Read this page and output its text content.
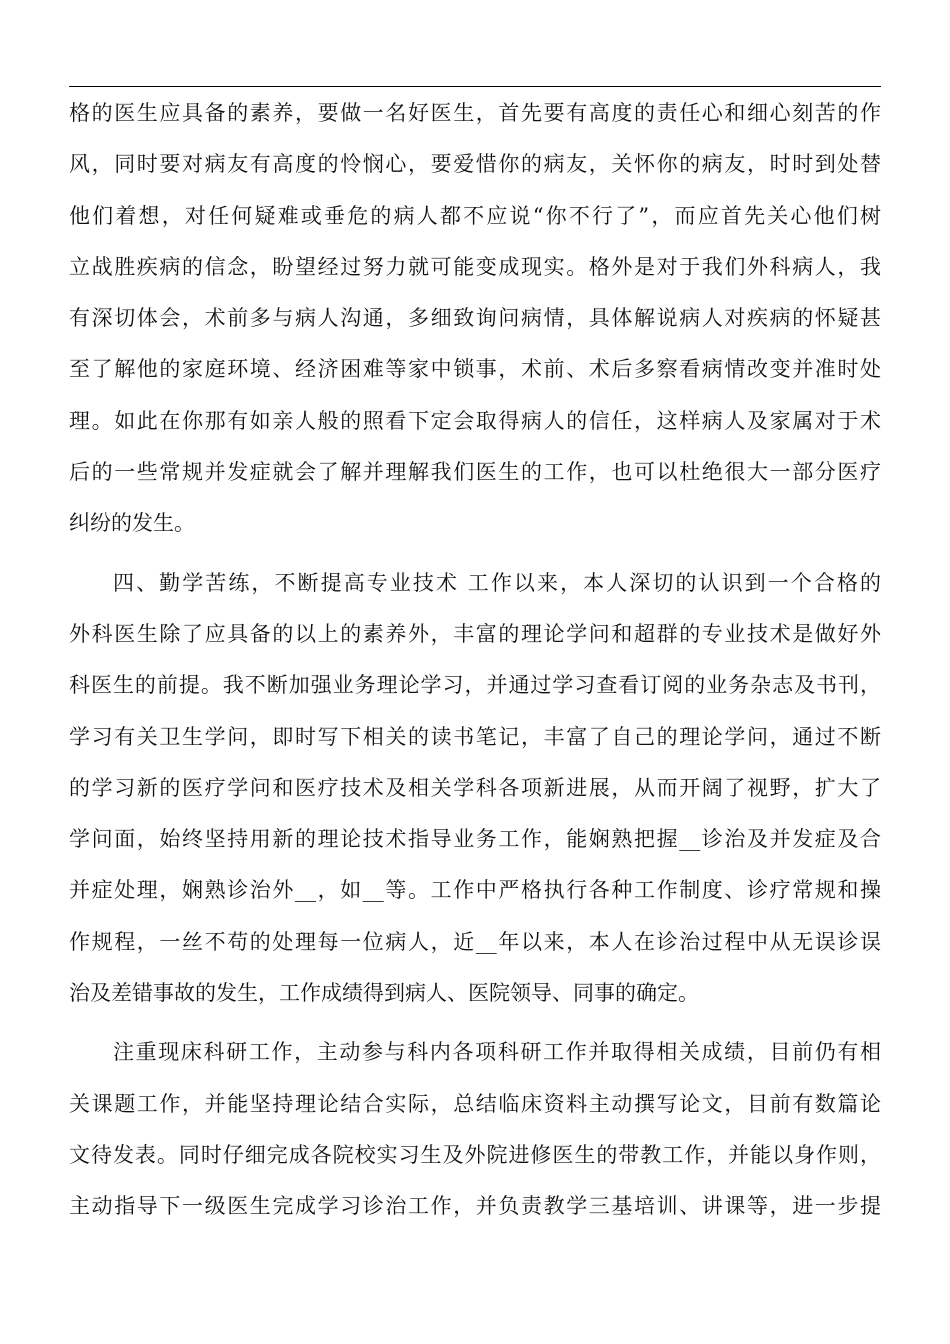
格的医生应具备的素养，要做一名好医生，首先要有高度的责任心和细心刻苦的作
风，同时要对病友有高度的怜悯心，要爱惜你的病友，关怀你的病友，时时到处替
他们着想，对任何疑难或垂危的病人都不应说“你不行了”，而应首先关心他们树
立战胜疾病的信念，盼望经过努力就可能变成现实。格外是对于我们外科病人，我
有深切体会，术前多与病人沟通，多细致询问病情，具体解说病人对疾病的怀疑甚
至了解他的家庭环境、经济困难等家中锁事，术前、术后多察看病情改变并准时处
理。如此在你那有如亲人般的照看下定会取得病人的信任，这样病人及家属对于术
后的一些常规并发症就会了解并理解我们医生的工作，也可以杜绝很大一部分医疗
纠纷的发生。
四、勤学苦练，不断提高专业技术 工作以来，本人深切的认识到一个合格的
外科医生除了应具备的以上的素养外，丰富的理论学问和超群的专业技术是做好外
科医生的前提。我不断加强业务理论学习，并通过学习查看订阅的业务杂志及书刊，
学习有关卫生学问，即时写下相关的读书笔记，丰富了自己的理论学问，通过不断
的学习新的医疗学问和医疗技术及相关学科各项新进展，从而开阔了视野，扩大了
学问面，始终坚持用新的理论技术指导业务工作，能娴熟把握__诊治及并发症及合
并症处理，娴熟诊治外__，如__等。工作中严格执行各种工作制度、诊疗常规和操
作规程，一丝不苟的处理每一位病人，近__年以来，本人在诊治过程中从无误诊误
治及差错事故的发生，工作成绩得到病人、医院领导、同事的确定。
注重现床科研工作，主动参与科内各项科研工作并取得相关成绩，目前仍有相
关课题工作，并能坚持理论结合实际，总结临床资料主动撰写论文，目前有数篇论
文待发表。同时仔细完成各院校实习生及外院进修医生的带教工作，并能以身作则，
主动指导下一级医生完成学习诊治工作，并负责教学三基培训、讲课等，进一步提
